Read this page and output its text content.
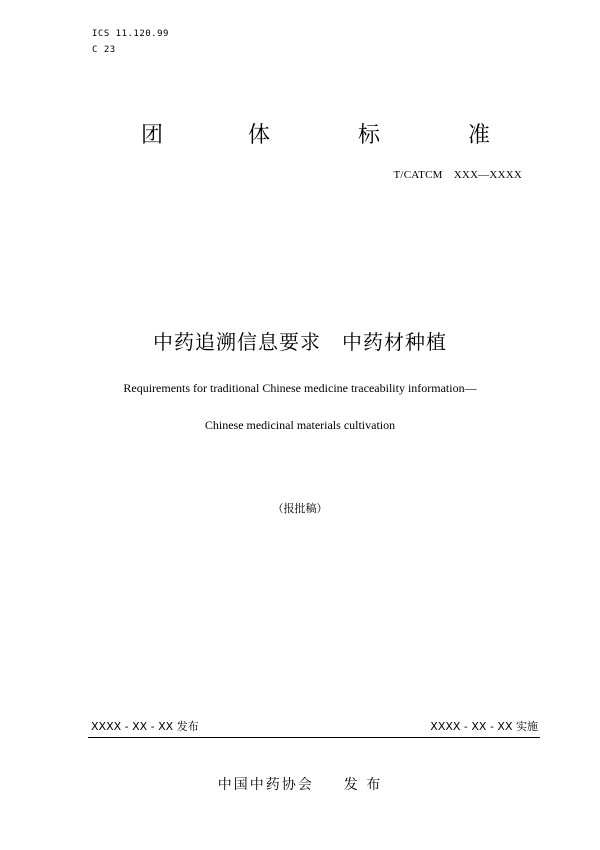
ICS 11.120.99
C 23
团	体	标	准
T/CATCM　XXX—XXXX
中药追溯信息要求　中药材种植
Requirements for traditional Chinese medicine traceability information—
Chinese medicinal materials cultivation
（报批稿）
XXXX - XX - XX 发布	XXXX - XX - XX 实施
中国中药协会 发 布
